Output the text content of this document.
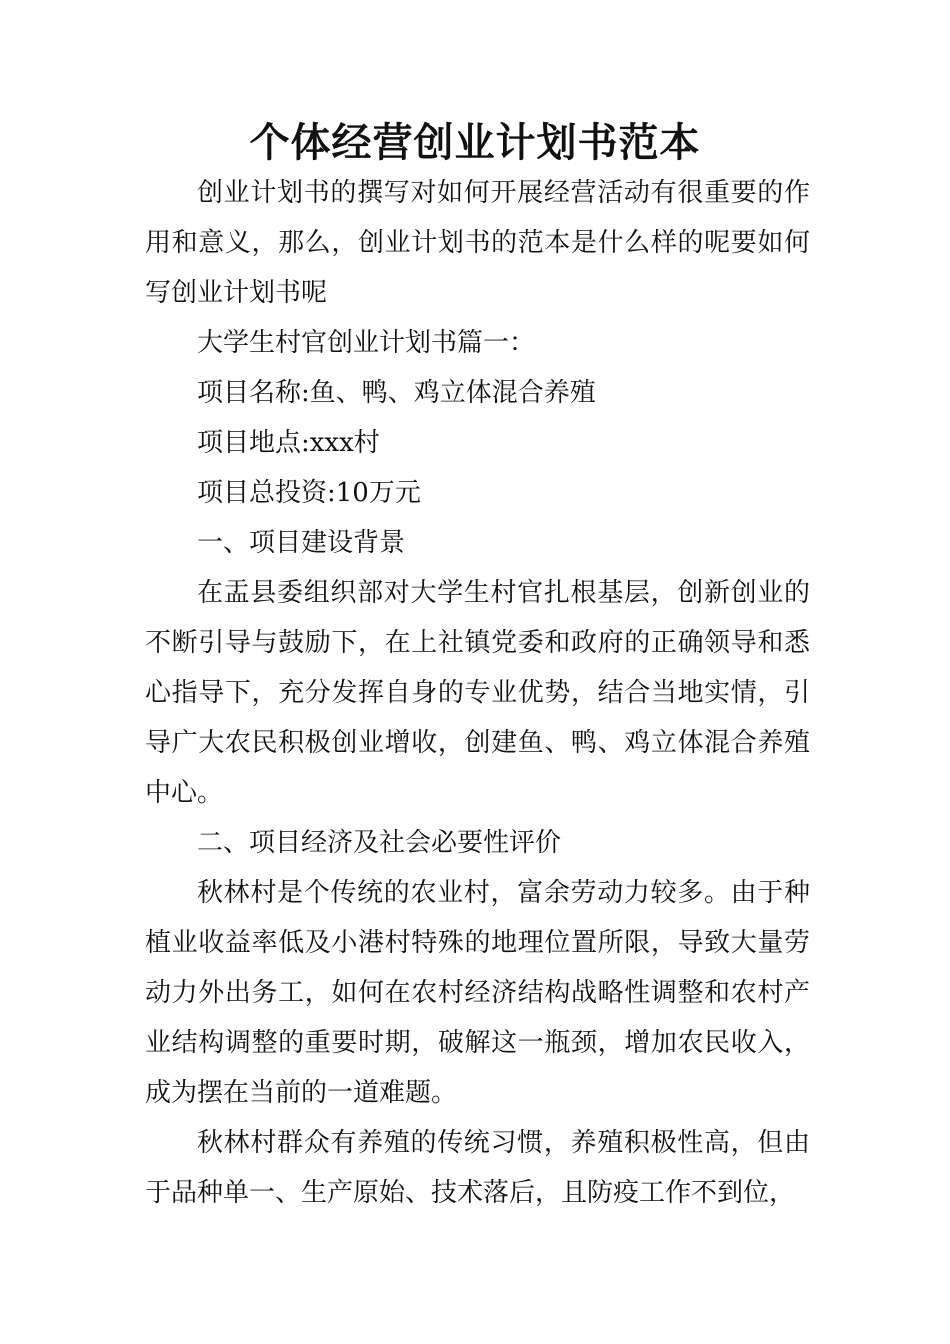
个体经营创业计划书范本

创业计划书的撰写对如何开展经营活动有很重要的作用和意义，那么，创业计划书的范本是什么样的呢要如何写创业计划书呢

大学生村官创业计划书篇一：

项目名称:鱼、鸭、鸡立体混合养殖

项目地点:xxx村

项目总投资:10万元

一、项目建设背景

在盂县委组织部对大学生村官扎根基层，创新创业的不断引导与鼓励下，在上社镇党委和政府的正确领导和悉心指导下，充分发挥自身的专业优势，结合当地实情，引导广大农民积极创业增收，创建鱼、鸭、鸡立体混合养殖中心。

二、项目经济及社会必要性评价

秋林村是个传统的农业村，富余劳动力较多。由于种植业收益率低及小港村特殊的地理位置所限，导致大量劳动力外出务工，如何在农村经济结构战略性调整和农村产业结构调整的重要时期，破解这一瓶颈，增加农民收入，成为摆在当前的一道难题。

秋林村群众有养殖的传统习惯，养殖积极性高，但由于品种单一、生产原始、技术落后，且防疫工作不到位，
